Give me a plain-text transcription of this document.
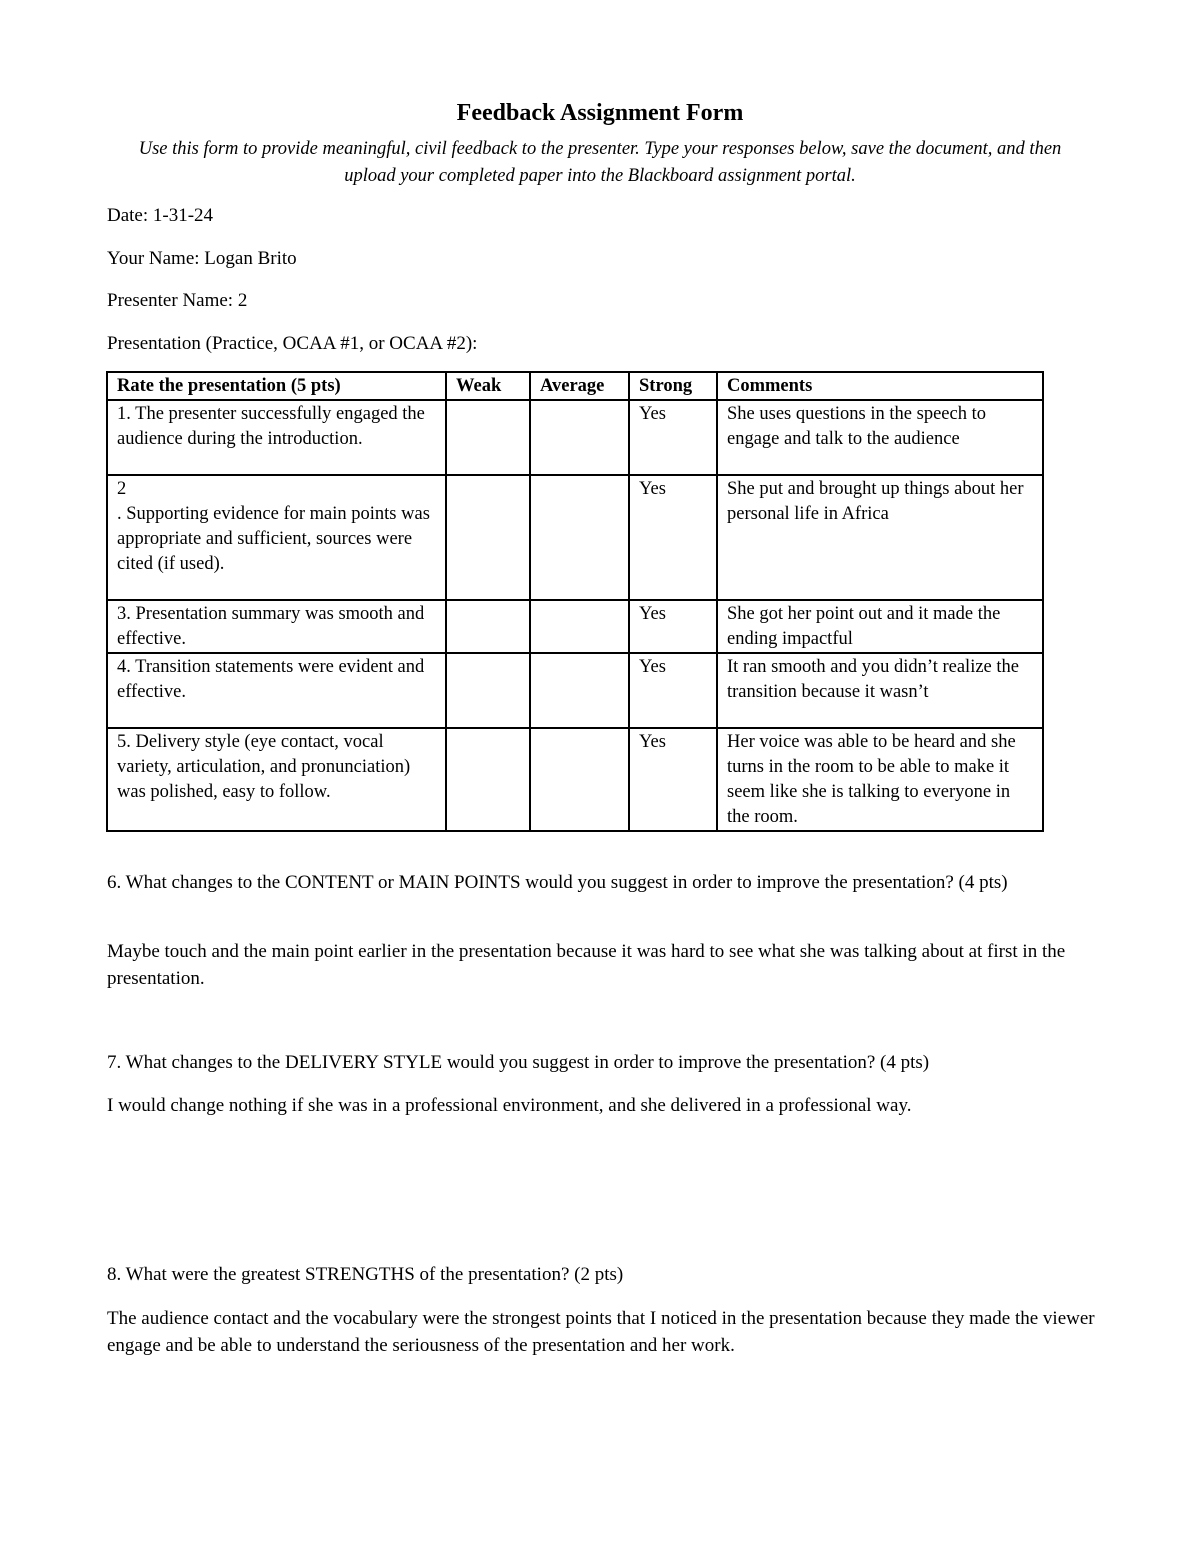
Feedback Assignment Form
Use this form to provide meaningful, civil feedback to the presenter. Type your responses below, save the document, and then upload your completed paper into the Blackboard assignment portal.
Date: 1-31-24
Your Name: Logan Brito
Presenter Name: 2
Presentation (Practice, OCAA #1, or OCAA #2):
Rate the presentation (5 pts)	Weak	Average	Strong	Comments
1. The presenter successfully engaged the audience during the introduction.			Yes	She uses questions in the speech to engage and talk to the audience

2
. Supporting evidence for main points was appropriate and sufficient, sources were cited (if used).			Yes	She put and brought up things about her personal life in Africa
3. Presentation summary was smooth and effective.			Yes	She got her point out and it made the ending impactful
4. Transition statements were evident and effective.			Yes	It ran smooth and you didn’t realize the transition because it wasn’t
5. Delivery style (eye contact, vocal variety, articulation, and pronunciation) was polished, easy to follow.			Yes	Her voice was able to be heard and she turns in the room to be able to make it seem like she is talking to everyone in the room.
6. What changes to the CONTENT or MAIN POINTS would you suggest in order to improve the presentation? (4 pts)
Maybe touch and the main point earlier in the presentation because it was hard to see what she was talking about at first in the presentation.
7. What changes to the DELIVERY STYLE would you suggest in order to improve the presentation? (4 pts)
I would change nothing if she was in a professional environment, and she delivered in a professional way.
8. What were the greatest STRENGTHS of the presentation? (2 pts)
The audience contact and the vocabulary were the strongest points that I noticed in the presentation because they made the viewer engage and be able to understand the seriousness of the presentation and her work.
